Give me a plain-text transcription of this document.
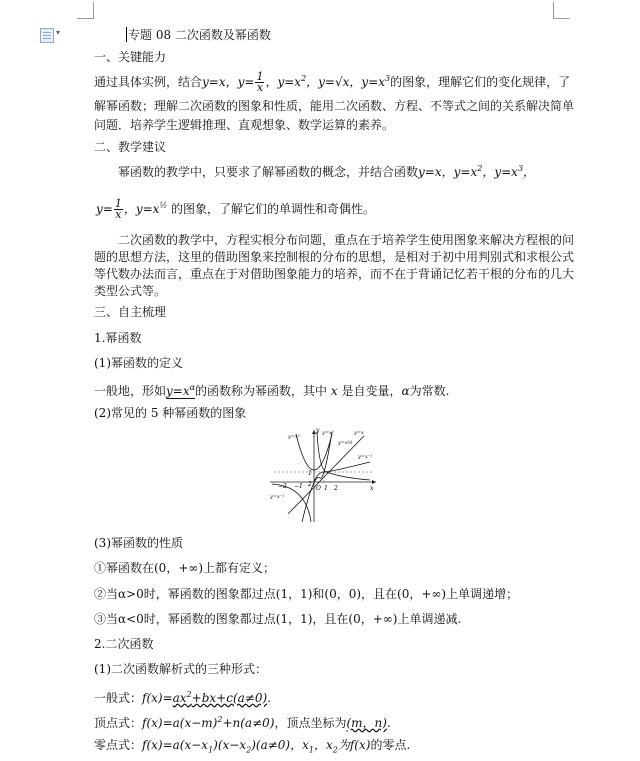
▾	专题 08 二次函数及幂函数
一、关键能力
通过具体实例，结合y=x，$y= \frac{1}{x}$ ，$y=x^2$，y=√x，$y=x^3$的图象，理解它们的变化规律，了
解幂函数；理解二次函数的图象和性质，能用二次函数、方程、不等式之间的关系解决简单
问题．培养学生逻辑推理、直观想象、数学运算的素养。
二、教学建议
幂函数的教学中，只要求了解幂函数的概念，并结合函数y=x，$y=x^2$，$y=x^3$，
$y= \frac{1}{x}$ ，$y=x^{\frac{1}{2}}$ 的图象，了解它们的单调性和奇偶性。
二次函数的教学中，方程实根分布问题，重点在于培养学生使用图象来解决方程根的问
题的思想方法，这里的借助图象来控制根的分布的思想，是相对于初中用判别式和求根公式
等代数办法而言，重点在于对借助图象能力的培养，而不在于背诵记忆若干根的分布的几大
类型公式等。
三、自主梳理
1.幂函数
(1)幂函数的定义
一般地，形如$y=x^\alpha$的函数称为幂函数，其中 x 是自变量，α为常数.
(2)常见的 5 种幂函数的图象
y=x²
y=x³	y=x
y=x½
y=x⁻¹
y=x⁻¹
2
1
−2 −1 O 1 2	x
y
(3)幂函数的性质
①幂函数在(0，+∞)上都有定义；
②当α>0时，幂函数的图象都过点(1，1)和(0，0)，且在(0，+∞)上单调递增；
③当α<0时，幂函数的图象都过点(1，1)，且在(0，+∞)上单调递减.
2.二次函数
(1)二次函数解析式的三种形式：
一般式：$f(x)=ax^2+bx+c(a\ne 0)$.
顶点式：$f(x)=a(x-m)^2+n(a\ne 0)$，顶点坐标为(m，n).
零点式：$f(x)=a(x-x_1)(x-x_2)(a\ne 0)$，$x_1$，$x_2$为f(x)的零点.
